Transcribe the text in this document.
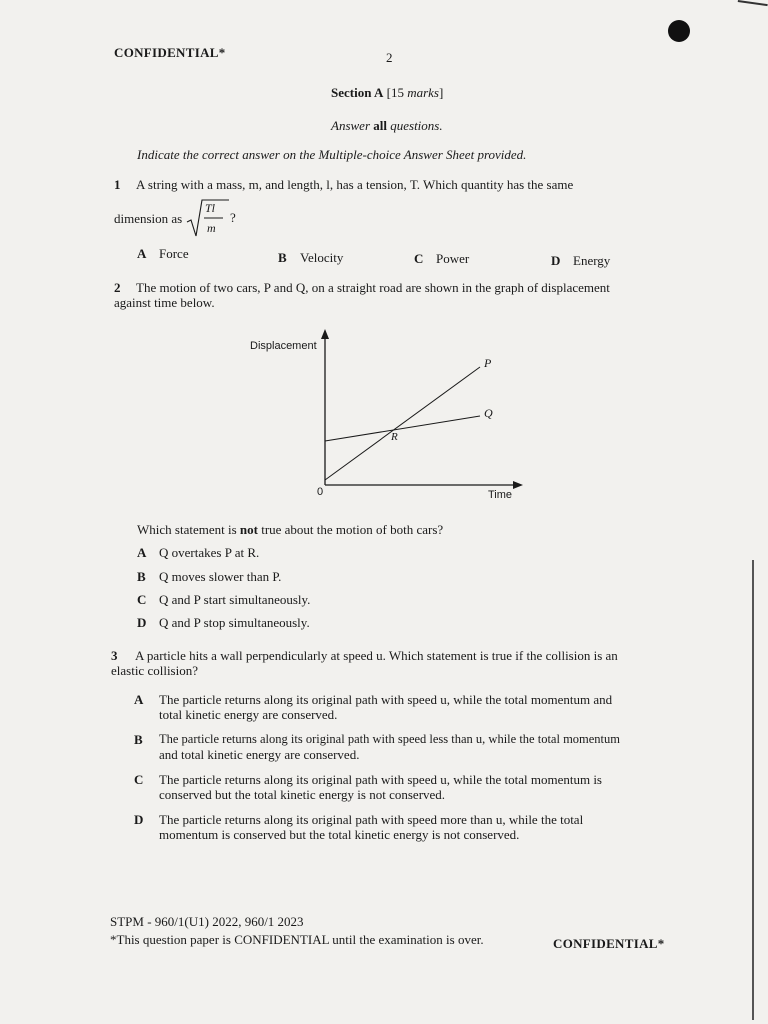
CONFIDENTIAL*	2
Section A [15 marks]
Answer all questions.
Indicate the correct answer on the Multiple-choice Answer Sheet provided.
1 A string with a mass, m, and length, l, has a tension, T. Which quantity has the same
dimension as
Tl
m
?
A Force	B Velocity	C Power	D Energy
2 The motion of two cars, P and Q, on a straight road are shown in the graph of displacement
against time below.
Displacement
Time
0
P
Q
R
Which statement is not true about the motion of both cars?
A Q overtakes P at R.
B Q moves slower than P.
C Q and P start simultaneously.
D Q and P stop simultaneously.
3 A particle hits a wall perpendicularly at speed u. Which statement is true if the collision is an
elastic collision?
A	The particle returns along its original path with speed u, while the total momentum and
total kinetic energy are conserved.
B	The particle returns along its original path with speed less than u, while the total momentum
and total kinetic energy are conserved.
C	The particle returns along its original path with speed u, while the total momentum is
conserved but the total kinetic energy is not conserved.
D	The particle returns along its original path with speed more than u, while the total
momentum is conserved but the total kinetic energy is not conserved.
STPM - 960/1(U1) 2022, 960/1 2023
*This question paper is CONFIDENTIAL until the examination is over.	CONFIDENTIAL*
